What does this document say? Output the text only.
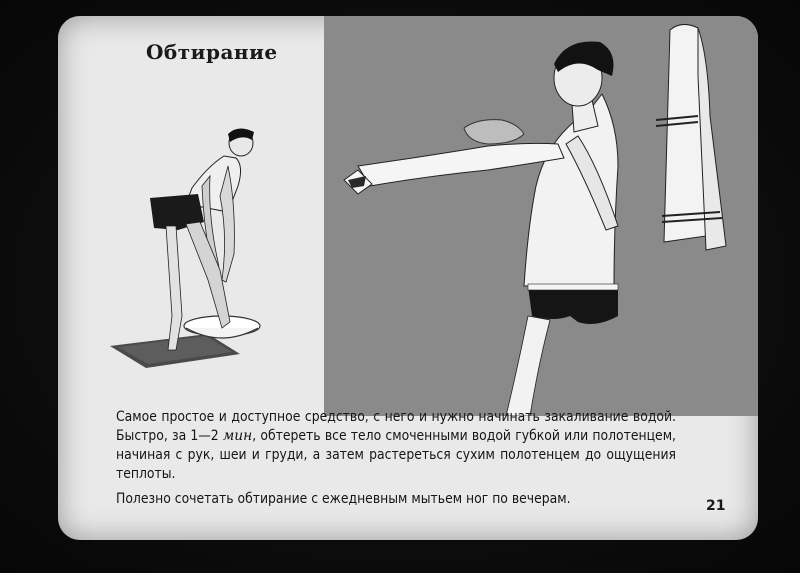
Обтирание

Самое простое и доступное средство, с него и нужно начинать закаливание водой. Быстро, за 1—2 мин, обтереть все тело смоченными водой губкой или полотенцем, начиная с рук, шеи и груди, а затем растереться сухим полотенцем до ощущения теплоты.

Полезно сочетать обтирание с ежедневным мытьем ног по вечерам.	21
